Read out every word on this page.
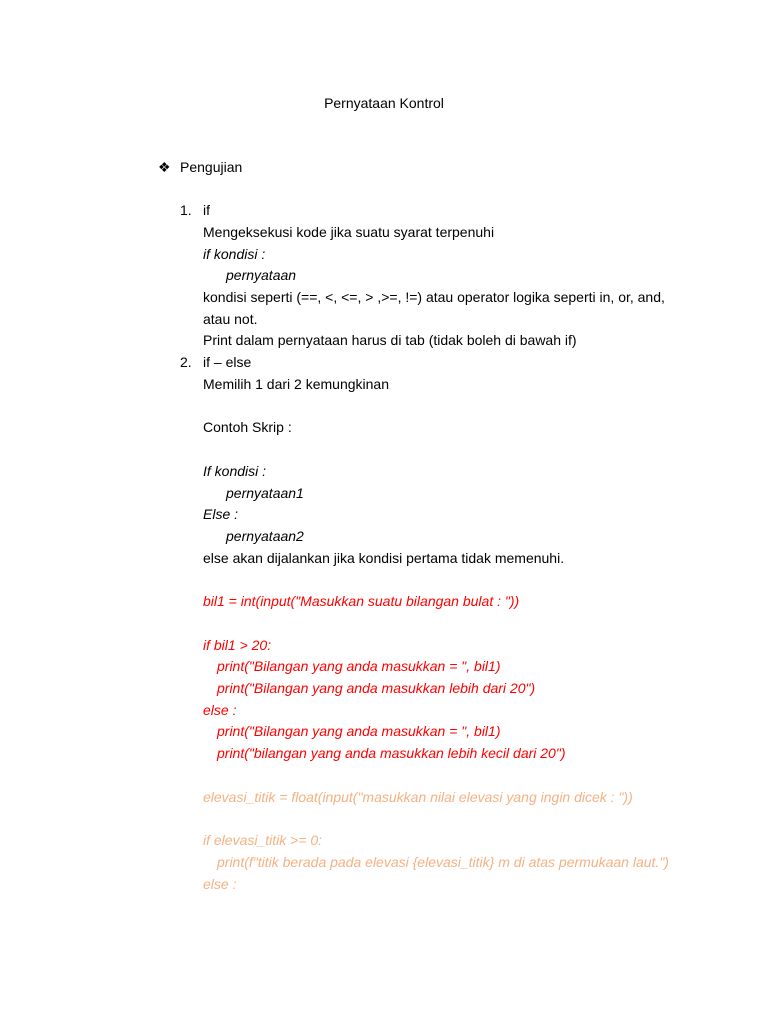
Pernyataan Kontrol
❖ Pengujian
1. if
Mengeksekusi kode jika suatu syarat terpenuhi
if kondisi :
pernyataan
kondisi seperti (==, <, <=, > ,>=, !=) atau operator logika seperti in, or, and,
atau not.
Print dalam pernyataan harus di tab (tidak boleh di bawah if)
2. if – else
Memilih 1 dari 2 kemungkinan
Contoh Skrip :
If kondisi :
pernyataan1
Else :
pernyataan2
else akan dijalankan jika kondisi pertama tidak memenuhi.
bil1 = int(input("Masukkan suatu bilangan bulat : "))
if bil1 > 20:
print("Bilangan yang anda masukkan = ", bil1)
print("Bilangan yang anda masukkan lebih dari 20")
else :
print("Bilangan yang anda masukkan = ", bil1)
print("bilangan yang anda masukkan lebih kecil dari 20")
elevasi_titik = float(input("masukkan nilai elevasi yang ingin dicek : "))
if elevasi_titik >= 0:
print(f"titik berada pada elevasi {elevasi_titik} m di atas permukaan laut.")
else :
